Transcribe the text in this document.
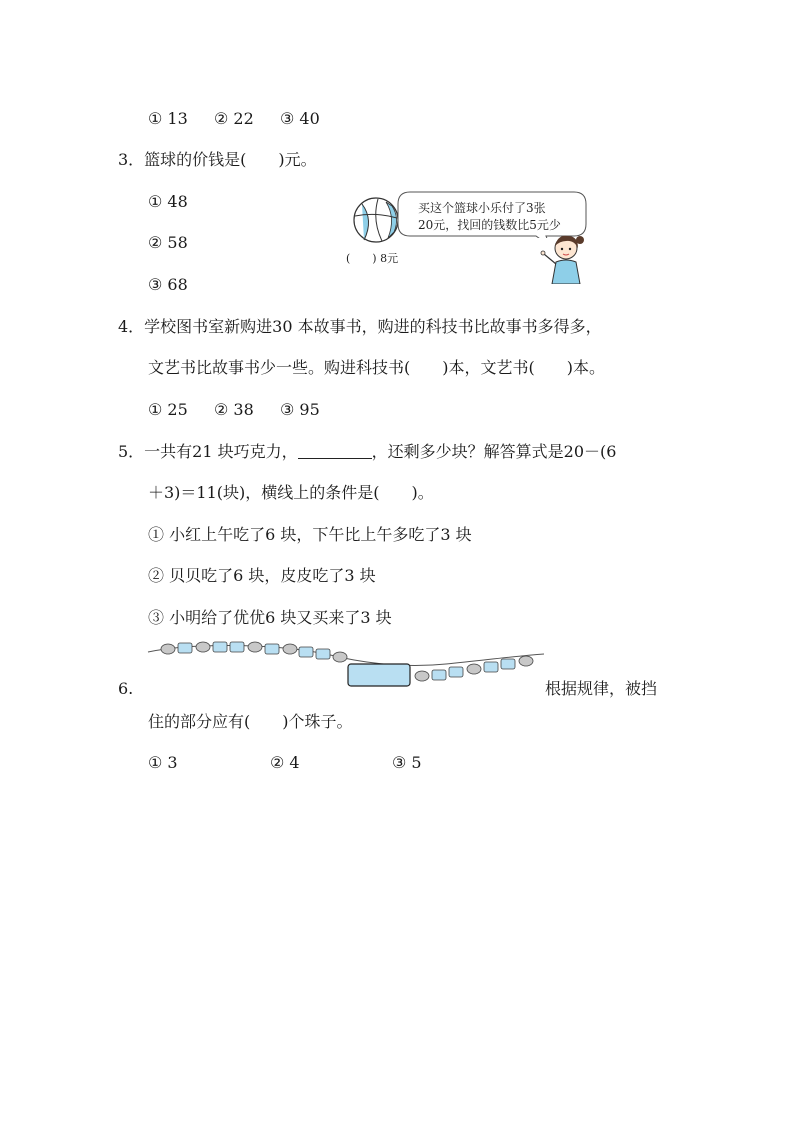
① 13 ② 22 ③ 40
3．篮球的价钱是(　　)元。
① 48
② 58
③ 68
(　　) 8元
买这个篮球小乐付了3张
20元，找回的钱数比5元少
4．学校图书室新购进30 本故事书，购进的科技书比故事书多得多，
文艺书比故事书少一些。购进科技书(　　)本，文艺书(　　)本。
① 25 ② 38 ③ 95
5．一共有21 块巧克力，	，还剩多少块？解答算式是20－(6
＋3)＝11(块)，横线上的条件是(　　)。
① 小红上午吃了6 块，下午比上午多吃了3 块
② 贝贝吃了6 块，皮皮吃了3 块
③ 小明给了优优6 块又买来了3 块
6.	根据规律，被挡
住的部分应有(　　)个珠子。
① 3	② 4	③ 5
